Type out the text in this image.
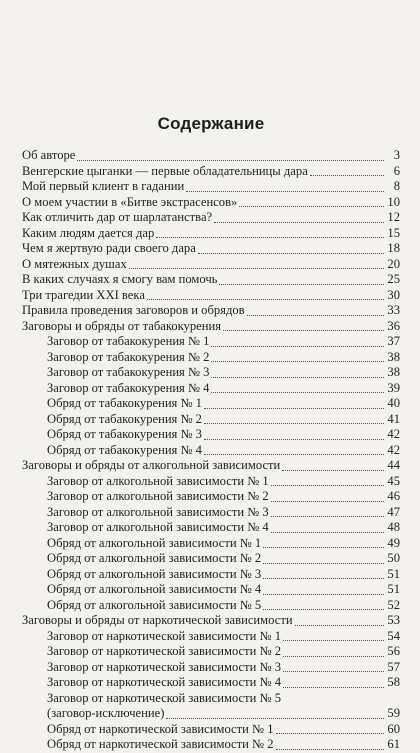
Содержание
Об авторе	3
Венгерские цыганки — первые обладательницы дара	6
Мой первый клиент в гадании	8
О моем участии в «Битве экстрасенсов»	10
Как отличить дар от шарлатанства?	12
Каким людям дается дар	15
Чем я жертвую ради своего дара	18
О мятежных душах	20
В каких случаях я смогу вам помочь	25
Три трагедии XXI века	30
Правила проведения заговоров и обрядов	33
Заговоры и обряды от табакокурения	36
Заговор от табакокурения № 1	37
Заговор от табакокурения № 2	38
Заговор от табакокурения № 3	38
Заговор от табакокурения № 4	39
Обряд от табакокурения № 1	40
Обряд от табакокурения № 2	41
Обряд от табакокурения № 3	42
Обряд от табакокурения № 4	42
Заговоры и обряды от алкогольной зависимости	44
Заговор от алкогольной зависимости № 1	45
Заговор от алкогольной зависимости № 2	46
Заговор от алкогольной зависимости № 3	47
Заговор от алкогольной зависимости № 4	48
Обряд от алкогольной зависимости № 1	49
Обряд от алкогольной зависимости № 2	50
Обряд от алкогольной зависимости № 3	51
Обряд от алкогольной зависимости № 4	51
Обряд от алкогольной зависимости № 5	52
Заговоры и обряды от наркотической зависимости	53
Заговор от наркотической зависимости № 1	54
Заговор от наркотической зависимости № 2	56
Заговор от наркотической зависимости № 3	57
Заговор от наркотической зависимости № 4	58
Заговор от наркотической зависимости № 5
(заговор-исключение)	59
Обряд от наркотической зависимости № 1	60
Обряд от наркотической зависимости № 2	61
